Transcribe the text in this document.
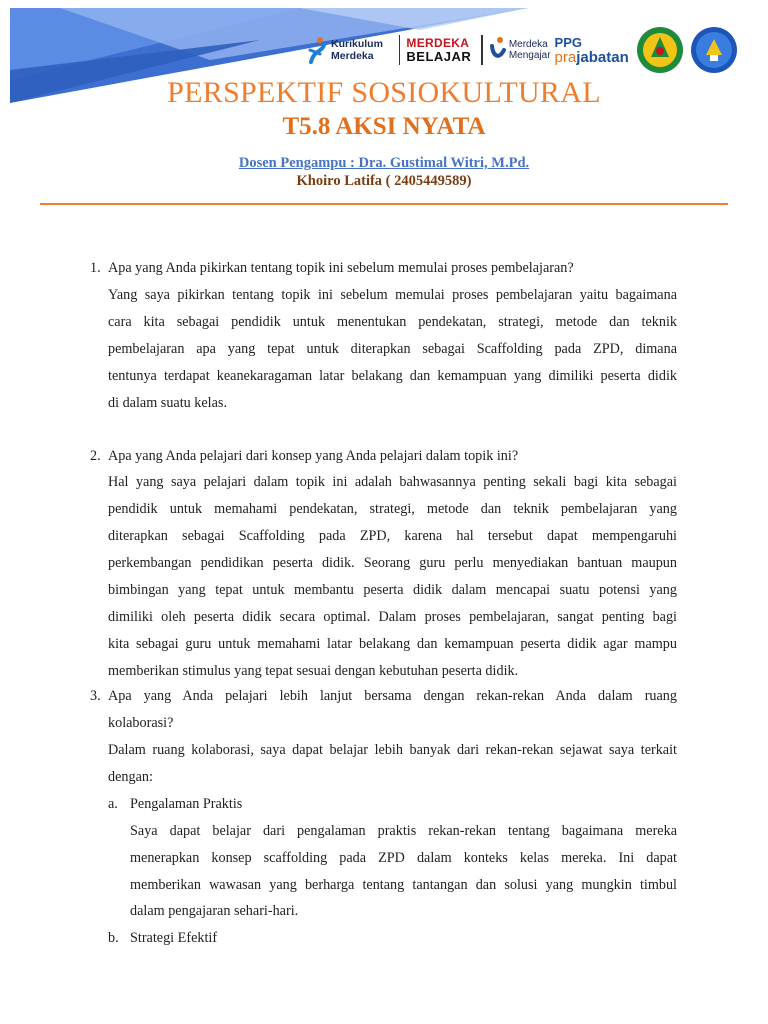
Kurikulum
Merdeka
MERDEKA
BELAJAR
Merdeka
Mengajar
PPG
prajabatan
PERSPEKTIF SOSIOKULTURAL
T5.8 AKSI NYATA
Dosen Pengampu : Dra. Gustimal Witri, M.Pd.
Khoiro Latifa ( 2405449589)
1. Apa yang Anda pikirkan tentang topik ini sebelum memulai proses pembelajaran?
Yang saya pikirkan tentang topik ini sebelum memulai proses pembelajaran yaitu bagaimana
cara kita sebagai pendidik untuk menentukan pendekatan, strategi, metode dan teknik
pembelajaran apa yang tepat untuk diterapkan sebagai Scaffolding pada ZPD, dimana
tentunya terdapat keanekaragaman latar belakang dan kemampuan yang dimiliki peserta didik
di dalam suatu kelas.
2. Apa yang Anda pelajari dari konsep yang Anda pelajari dalam topik ini?
Hal yang saya pelajari dalam topik ini adalah bahwasannya penting sekali bagi kita sebagai
pendidik untuk memahami pendekatan, strategi, metode dan teknik pembelajaran yang
diterapkan sebagai Scaffolding pada ZPD, karena hal tersebut dapat mempengaruhi
perkembangan pendidikan peserta didik. Seorang guru perlu menyediakan bantuan maupun
bimbingan yang tepat untuk membantu peserta didik dalam mencapai suatu potensi yang
dimiliki oleh peserta didik secara optimal. Dalam proses pembelajaran, sangat penting bagi
kita sebagai guru untuk memahami latar belakang dan kemampuan peserta didik agar mampu
memberikan stimulus yang tepat sesuai dengan kebutuhan peserta didik.
3. Apa yang Anda pelajari lebih lanjut bersama dengan rekan-rekan Anda dalam ruang
kolaborasi?
Dalam ruang kolaborasi, saya dapat belajar lebih banyak dari rekan-rekan sejawat saya terkait
dengan:
a. Pengalaman Praktis
Saya dapat belajar dari pengalaman praktis rekan-rekan tentang bagaimana mereka
menerapkan konsep scaffolding pada ZPD dalam konteks kelas mereka. Ini dapat
memberikan wawasan yang berharga tentang tantangan dan solusi yang mungkin timbul
dalam pengajaran sehari-hari.
b. Strategi Efektif
